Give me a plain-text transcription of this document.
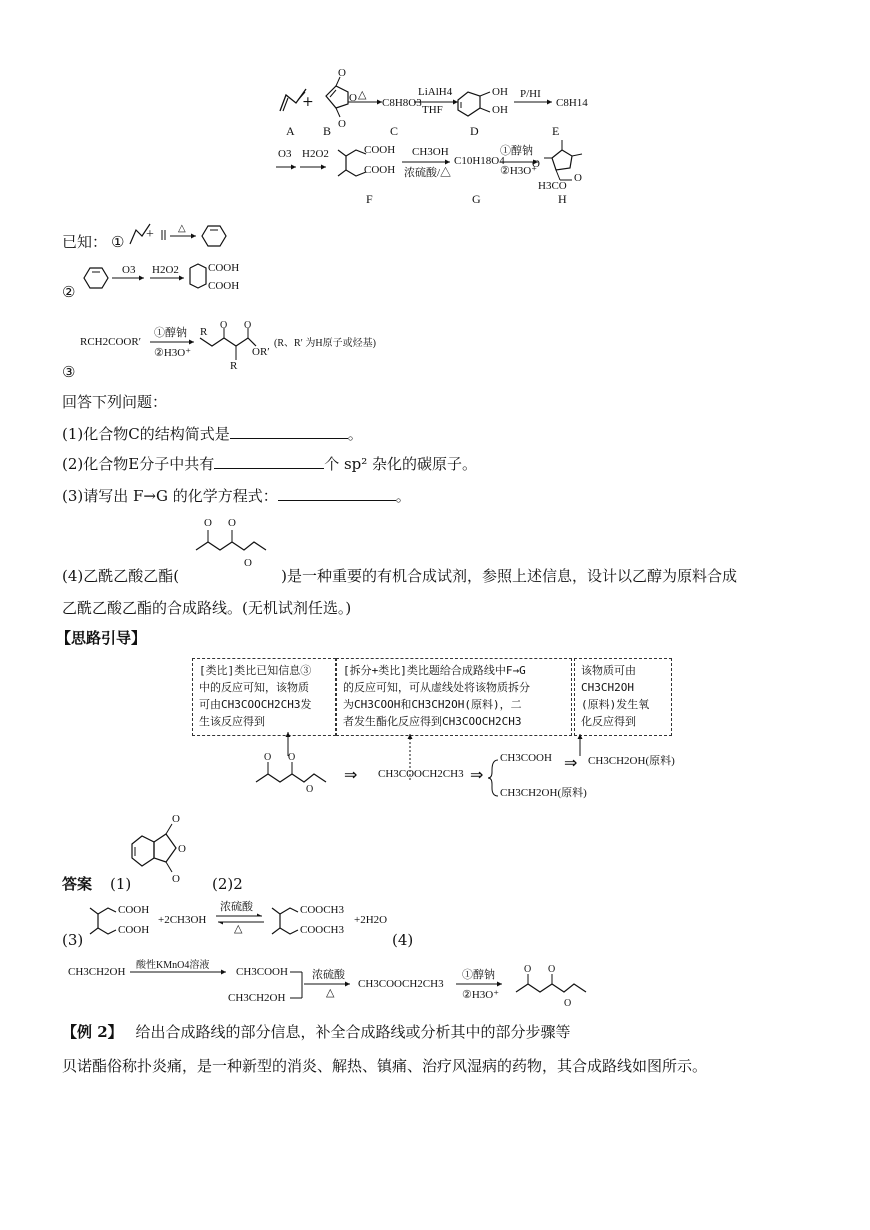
+
O
O
O
△
C8H8O3
LiAlH4
THF
OH
OH
P/HI
C8H14
A B	C	D	E
O3 H2O2	COOH
COOH
CH3OH
浓硫酸/△
C10H18O4
①醇钠
②H3O⁺
O
O
H3CO
F	G	H
已知： ① + △
②
O3 H2O2	COOH
COOH
RCH2COOR′
①醇钠
②H3O⁺
O O
R
R
OR′
(R、R′ 为H原子或烃基)
③
回答下列问题：
(1)化合物C的结构简式是	。
(2)化合物E分子中共有	个 sp² 杂化的碳原子。
(3)请写出 F→G 的化学方程式：	。
O O
O
(4)乙酰乙酸乙酯(	)是一种重要的有机合成试剂，参照上述信息，设计以乙醇为原料合成
乙酰乙酸乙酯的合成路线。(无机试剂任选。)
【思路引导】
[类比]类比已知信息③
中的反应可知，该物质
可由CH3COOCH2CH3发
生该反应得到
[拆分+类比]类比题给合成路线中F→G
的反应可知，可从虚线处将该物质拆分
为CH3COOH和CH3CH2OH(原料)，二
者发生酯化反应得到CH3COOCH2CH3
该物质可由
CH3CH2OH
(原料)发生氧
化反应得到
O O
O
⇒	⇒
⇒
CH3COOCH2CH3
CH3COOH
CH3CH2OH(原料)
CH3CH2OH(原料)
答案 (1)
O
O
O (2)2
(3)
COOH
COOH
+2CH3OH
浓硫酸
△
COOCH3
COOCH3
+2H2O
(4)
CH3CH2OH
酸性KMnO4溶液
CH3COOH
CH3CH2OH
浓硫酸
△
CH3COOCH2CH3
①醇钠
②H3O⁺
O O
O
【例 2】 给出合成路线的部分信息，补全合成路线或分析其中的部分步骤等
贝诺酯俗称扑炎痛，是一种新型的消炎、解热、镇痛、治疗风湿病的药物，其合成路线如图所示。
